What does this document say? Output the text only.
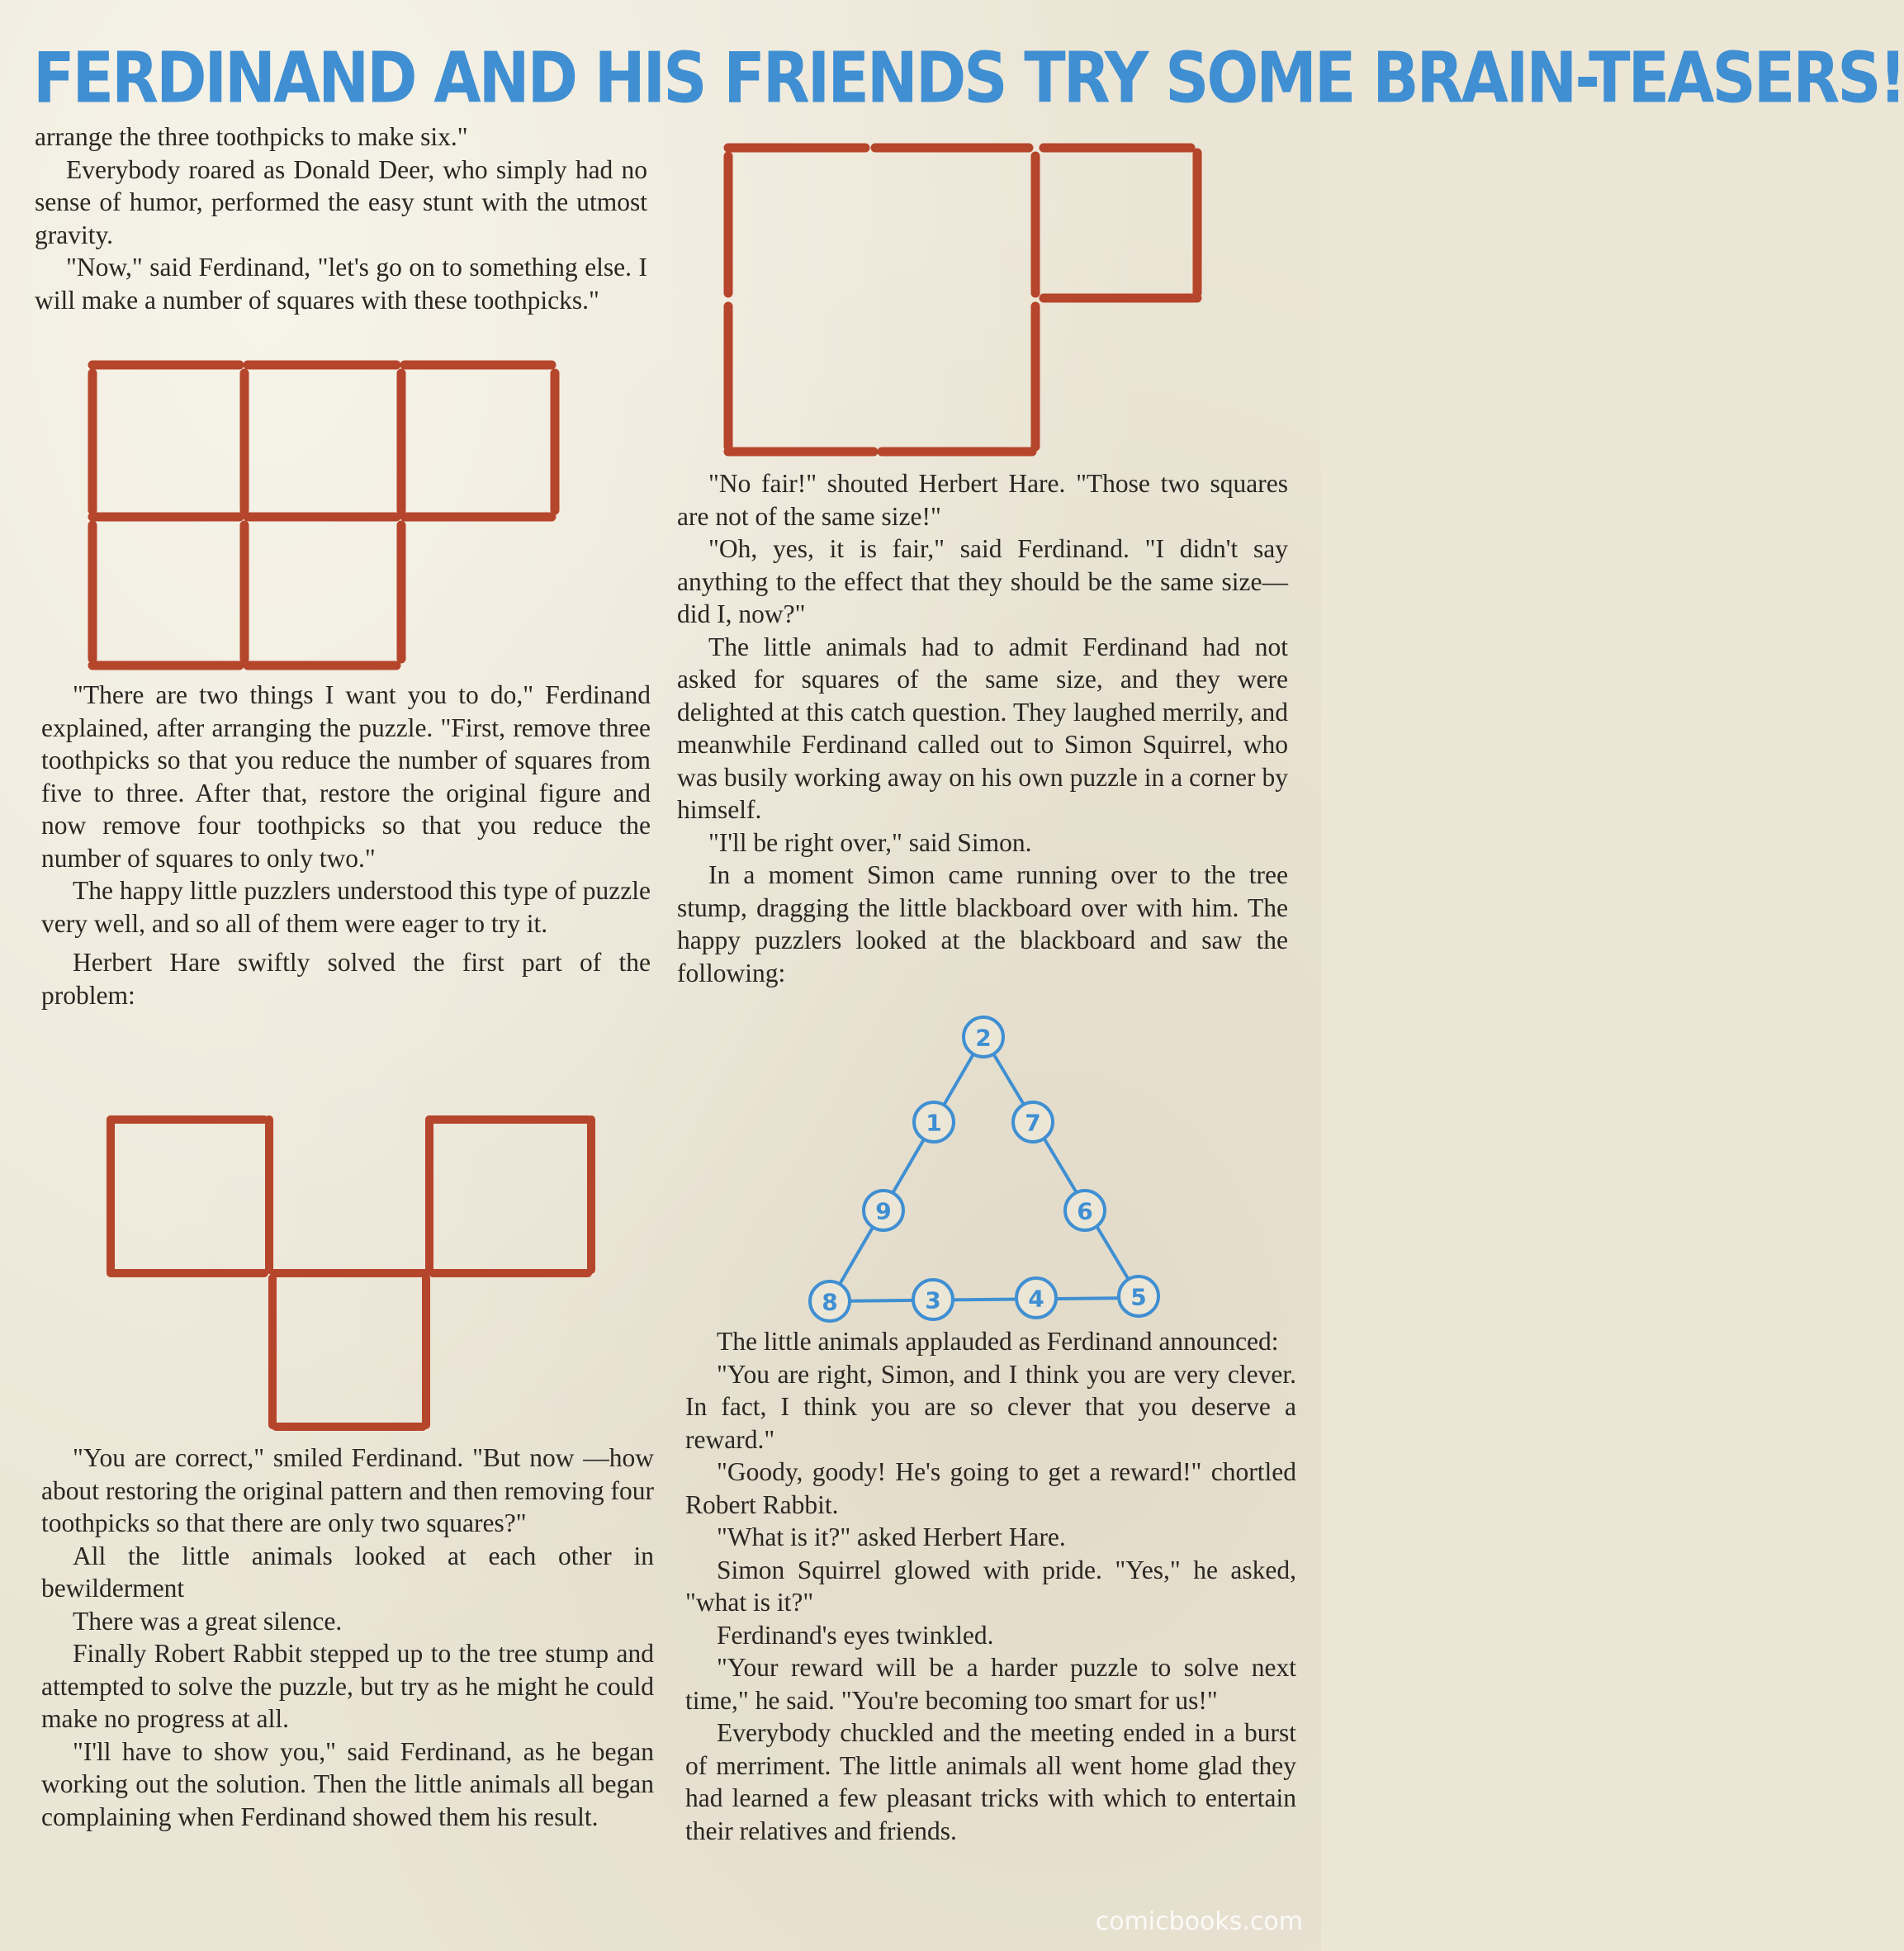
FERDINAND AND HIS FRIENDS TRY SOME BRAIN-TEASERS!

arrange the three toothpicks to make six."

Everybody roared as Donald Deer, who simply had no sense of humor, performed the easy stunt with the utmost gravity.

"Now," said Ferdinand, "let's go on to something else. I will make a number of squares with these toothpicks."

"There are two things I want you to do," Ferdinand explained, after arranging the puzzle. "First, remove three toothpicks so that you reduce the number of squares from five to three. After that, restore the original figure and now remove four toothpicks so that you reduce the number of squares to only two."

The happy little puzzlers understood this type of puzzle very well, and so all of them were eager to try it.

Herbert Hare swiftly solved the first part of the problem:

"You are correct," smiled Ferdinand. "But now —how about restoring the original pattern and then removing four toothpicks so that there are only two squares?"

All the little animals looked at each other in bewilderment

There was a great silence.

Finally Robert Rabbit stepped up to the tree stump and attempted to solve the puzzle, but try as he might he could make no progress at all.

"I'll have to show you," said Ferdinand, as he began working out the solution. Then the little animals all began complaining when Ferdinand showed them his result.

"No fair!" shouted Herbert Hare. "Those two squares are not of the same size!"

"Oh, yes, it is fair," said Ferdinand. "I didn't say anything to the effect that they should be the same size—did I, now?"

The little animals had to admit Ferdinand had not asked for squares of the same size, and they were delighted at this catch question. They laughed merrily, and meanwhile Ferdinand called out to Simon Squirrel, who was busily working away on his own puzzle in a corner by himself.

"I'll be right over," said Simon.

In a moment Simon came running over to the tree stump, dragging the little blackboard over with him. The happy puzzlers looked at the blackboard and saw the following:

The little animals applauded as Ferdinand announced:

"You are right, Simon, and I think you are very clever. In fact, I think you are so clever that you deserve a reward."

"Goody, goody! He's going to get a reward!" chortled Robert Rabbit.

"What is it?" asked Herbert Hare.

Simon Squirrel glowed with pride. "Yes," he asked, "what is it?"

Ferdinand's eyes twinkled.

"Your reward will be a harder puzzle to solve next time," he said. "You're becoming too smart for us!"

Everybody chuckled and the meeting ended in a burst of merriment. The little animals all went home glad they had learned a few pleasant tricks with which to entertain their relatives and friends.

2
1
9
7
6
8	3	4	5
comicbooks.com
